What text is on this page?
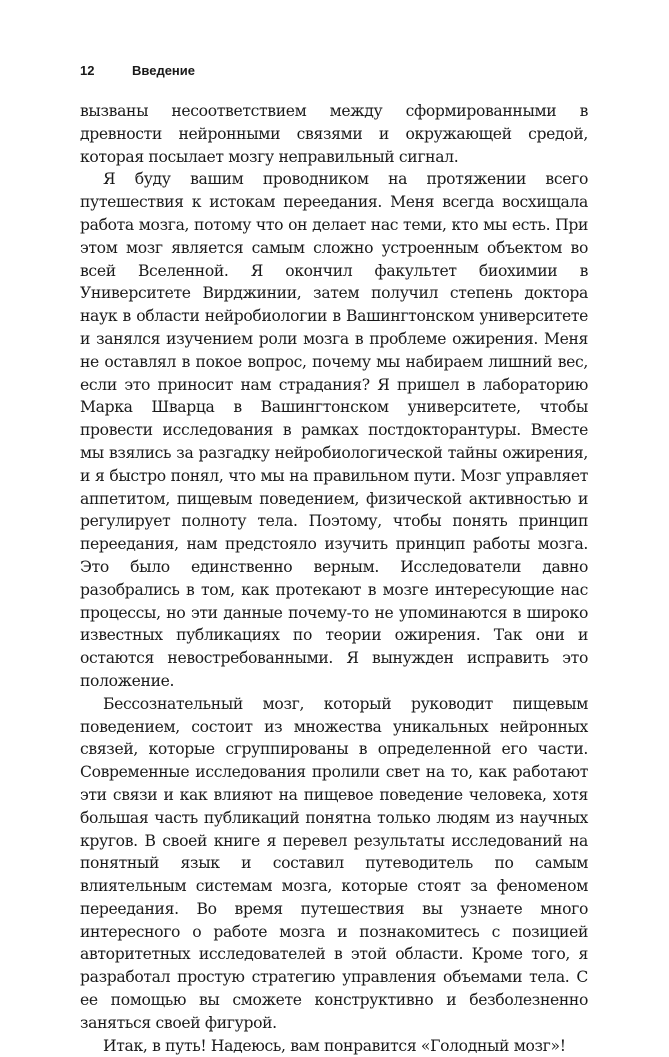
12	Введение

вызваны несоответствием между сформированными в древности нейронными связями и окружающей средой, которая посылает мозгу неправильный сигнал.

Я буду вашим проводником на протяжении всего путешествия к истокам переедания. Меня всегда восхищала работа мозга, потому что он делает нас теми, кто мы есть. При этом мозг является самым сложно устроенным объектом во всей Вселенной. Я окончил факультет биохимии в Университете Вирджинии, затем получил степень доктора наук в области нейробиологии в Вашингтонском университете и занялся изучением роли мозга в проблеме ожирения. Меня не оставлял в покое вопрос, почему мы набираем лишний вес, если это приносит нам страдания? Я пришел в лабораторию Марка Шварца в Вашингтонском университете, чтобы провести исследования в рамках постдокторантуры. Вместе мы взялись за разгадку нейробиологической тайны ожирения, и я быстро понял, что мы на правильном пути. Мозг управляет аппетитом, пищевым поведением, физической активностью и регулирует полноту тела. Поэтому, чтобы понять принцип переедания, нам предстояло изучить принцип работы мозга. Это было единственно верным. Исследователи давно разобрались в том, как протекают в мозге интересующие нас процессы, но эти данные почему-то не упоминаются в широко известных публикациях по теории ожирения. Так они и остаются невостребованными. Я вынужден исправить это положение.

Бессознательный мозг, который руководит пищевым поведением, состоит из множества уникальных нейронных связей, которые сгруппированы в определенной его части. Современные исследования пролили свет на то, как работают эти связи и как влияют на пищевое поведение человека, хотя большая часть публикаций понятна только людям из научных кругов. В своей книге я перевел результаты исследований на понятный язык и составил путеводитель по самым влиятельным системам мозга, которые стоят за феноменом переедания. Во время путешествия вы узнаете много интересного о работе мозга и познакомитесь с позицией авторитетных исследователей в этой области. Кроме того, я разработал простую стратегию управления объемами тела. С ее помощью вы сможете конструктивно и безболезненно заняться своей фигурой.

Итак, в путь! Надеюсь, вам понравится «Голодный мозг»!
